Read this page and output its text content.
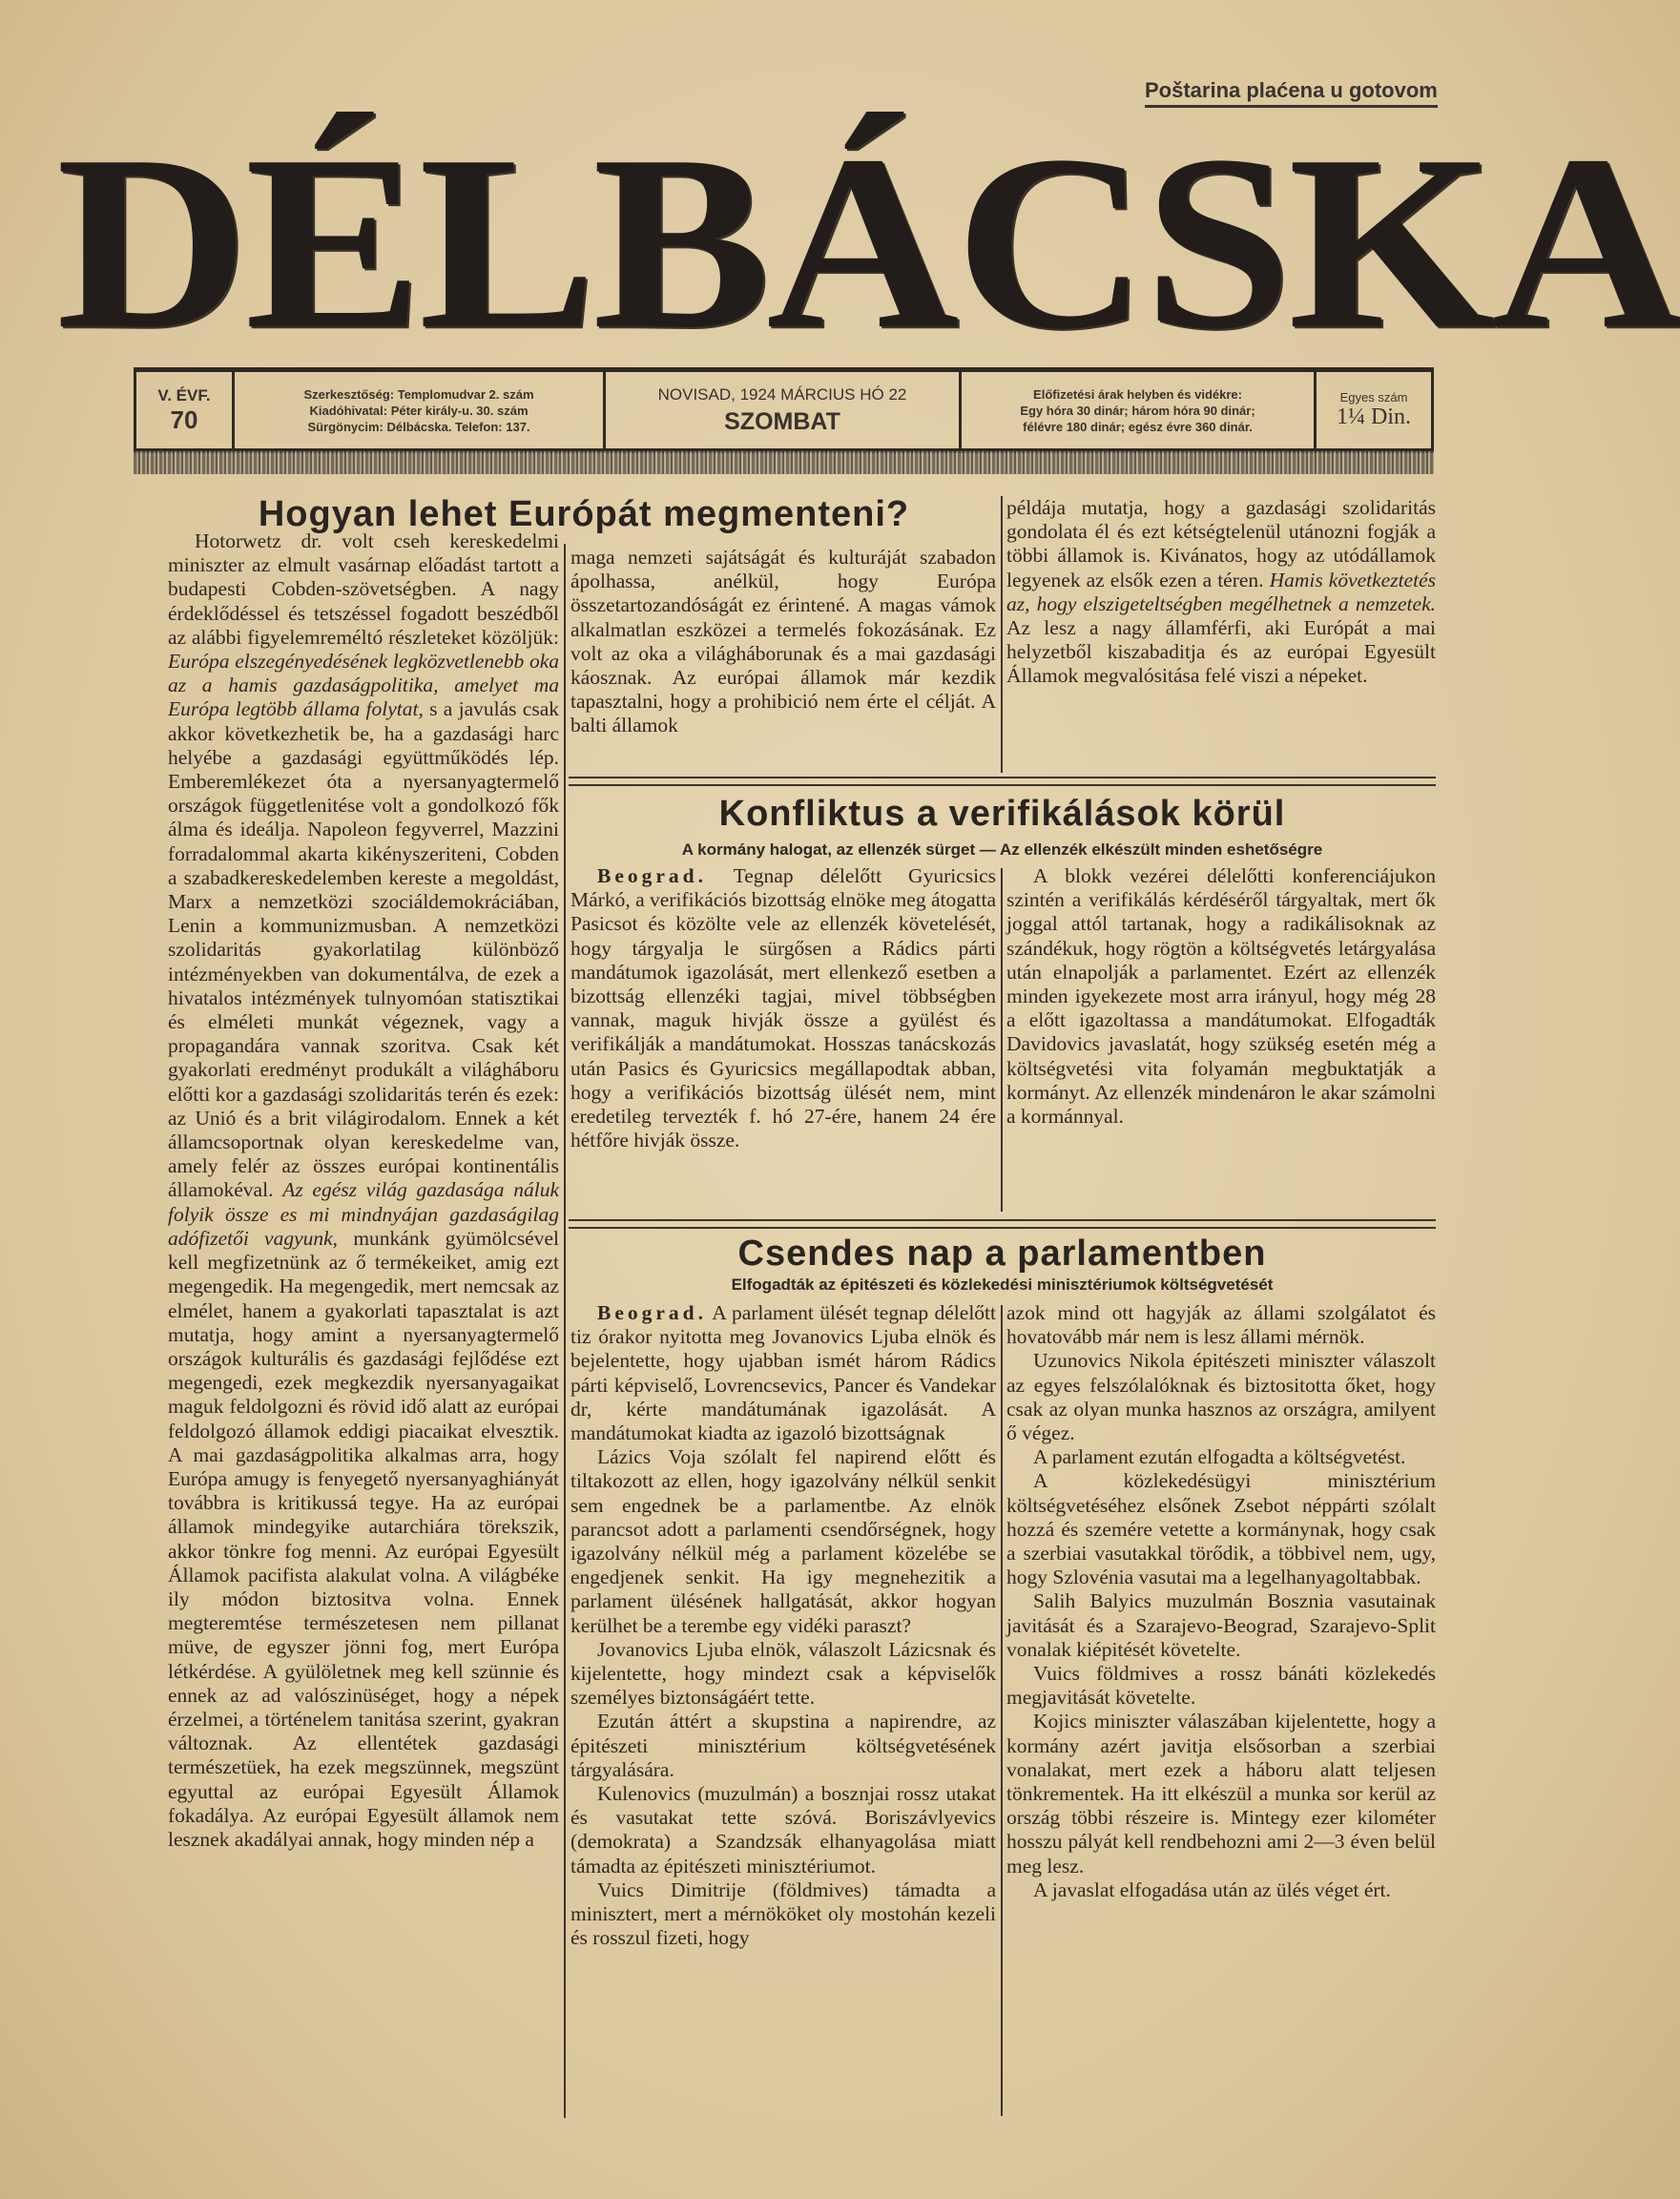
Poštarina plaćena u gotovom
DÉLBÁCSKA
V. ÉVF.
70
Szerkesztőség: Templomudvar 2. szám
Kiadóhivatal: Péter király-u. 30. szám
Sürgönycim: Délbácska. Telefon: 137.
NOVISAD, 1924 MÁRCIUS HÓ 22
SZOMBAT
Előfizetési árak helyben és vidékre:
Egy hóra 30 dinár; három hóra 90 dinár;
félévre 180 dinár; egész évre 360 dinár.
Egyes szám
1¼ Din.
Hogyan lehet Európát megmenteni?

Hotorwetz dr. volt cseh kereskedelmi miniszter az elmult vasárnap előadást tartott a budapesti Cobden-szövetségben. A nagy érdeklődéssel és tetszéssel fogadott beszédből az alábbi figyelemreméltó részleteket közöljük: Európa elszegényedésének legközvetlenebb oka az a hamis gazdaságpolitika, amelyet ma Európa legtöbb állama folytat, s a javulás csak akkor következhetik be, ha a gazdasági harc helyébe a gazdasági együttműködés lép. Emberemlékezet óta a nyersanyagtermelő országok függetlenitése volt a gondolkozó fők álma és ideálja. Napoleon fegyverrel, Mazzini forradalommal akarta kikényszeriteni, Cobden a szabadkereskedelemben kereste a megoldást, Marx a nemzetközi szociáldemokráciában, Lenin a kommunizmusban. A nemzetközi szolidaritás gyakorlatilag különböző intézményekben van dokumentálva, de ezek a hivatalos intézmények tulnyomóan statisztikai és elméleti munkát végeznek, vagy a propagandára vannak szoritva. Csak két gyakorlati eredményt produkált a világháboru előtti kor a gazdasági szolidaritás terén és ezek: az Unió és a brit világirodalom. Ennek a két államcsoportnak olyan kereskedelme van, amely felér az összes európai kontinentális államokéval. Az egész világ gazdasága náluk folyik össze es mi mindnyájan gazdaságilag adófizetői vagyunk, munkánk gyümölcsével kell megfizetnünk az ő termékeiket, amig ezt megengedik. Ha megengedik, mert nemcsak az elmélet, hanem a gyakorlati tapasztalat is azt mutatja, hogy amint a nyersanyagtermelő országok kulturális és gazdasági fejlődése ezt megengedi, ezek megkezdik nyersanyagaikat maguk feldolgozni és rövid idő alatt az európai feldolgozó államok eddigi piacaikat elvesztik. A mai gazdaságpolitika alkalmas arra, hogy Európa amugy is fenyegető nyersanyaghiányát továbbra is kritikussá tegye. Ha az európai államok mindegyike autarchiára törekszik, akkor tönkre fog menni. Az európai Egyesült Államok pacifista alakulat volna. A világbéke ily módon biztositva volna. Ennek megteremtése természetesen nem pillanat müve, de egyszer jönni fog, mert Európa létkérdése. A gyülöletnek meg kell szünnie és ennek az ad valószinüséget, hogy a népek érzelmei, a történelem tanitása szerint, gyakran változnak. Az ellentétek gazdasági természetüek, ha ezek megszünnek, megszünt egyuttal az európai Egyesült Államok fokadálya. Az európai Egyesült államok nem lesznek akadályai annak, hogy minden nép a

maga nemzeti sajátságát és kulturáját szabadon ápolhassa, anélkül, hogy Európa összetartozandóságát ez érintené. A magas vámok alkalmatlan eszközei a termelés fokozásának. Ez volt az oka a világháborunak és a mai gazdasági káosznak. Az európai államok már kezdik tapasztalni, hogy a prohibició nem érte el célját. A balti államok

példája mutatja, hogy a gazdasági szolidaritás gondolata él és ezt kétségtelenül utánozni fogják a többi államok is. Kivánatos, hogy az utódállamok legyenek az elsők ezen a téren. Hamis következtetés az, hogy elszigeteltségben megélhetnek a nemzetek. Az lesz a nagy államférfi, aki Európát a mai helyzetből kiszabaditja és az európai Egyesült Államok megvalósitása felé viszi a népeket.

Konfliktus a verifikálások körül
A kormány halogat, az ellenzék sürget — Az ellenzék elkészült minden eshetőségre

Beograd. Tegnap délelőtt Gyuricsics Márkó, a verifikációs bizottság elnöke meg átogatta Pasicsot és közölte vele az ellenzék követelését, hogy tárgyalja le sürgősen a Rádics párti mandátumok igazolását, mert ellenkező esetben a bizottság ellenzéki tagjai, mivel többségben vannak, maguk hivják össze a gyülést és verifikálják a mandátumokat. Hosszas tanácskozás után Pasics és Gyuricsics megállapodtak abban, hogy a verifikációs bizottság ülését nem, mint eredetileg tervezték f. hó 27-ére, hanem 24 ére hétfőre hivják össze.

A blokk vezérei délelőtti konferenciájukon szintén a verifikálás kérdéséről tárgyaltak, mert ők joggal attól tartanak, hogy a radikálisoknak az szándékuk, hogy rögtön a költségvetés letárgyalása után elnapolják a parlamentet. Ezért az ellenzék minden igyekezete most arra irányul, hogy még 28 a előtt igazoltassa a mandátumokat. Elfogadták Davidovics javaslatát, hogy szükség esetén még a költségvetési vita folyamán megbuktatják a kormányt. Az ellenzék mindenáron le akar számolni a kormánnyal.

Csendes nap a parlamentben
Elfogadták az épitészeti és közlekedési minisztériumok költségvetését

Beograd. A parlament ülését tegnap délelőtt tiz órakor nyitotta meg Jovanovics Ljuba elnök és bejelentette, hogy ujabban ismét három Rádics párti képviselő, Lovrencsevics, Pancer és Vandekar dr, kérte mandátumának igazolását. A mandátumokat kiadta az igazoló bizottságnak

Lázics Voja szólalt fel napirend előtt és tiltakozott az ellen, hogy igazolvány nélkül senkit sem engednek be a parlamentbe. Az elnök parancsot adott a parlamenti csendőrségnek, hogy igazolvány nélkül még a parlament közelébe se engedjenek senkit. Ha igy megnehezitik a parlament ülésének hallgatását, akkor hogyan kerülhet be a terembe egy vidéki paraszt?

Jovanovics Ljuba elnök, válaszolt Lázicsnak és kijelentette, hogy mindezt csak a képviselők személyes biztonságáért tette.

Ezután áttért a skupstina a napirendre, az épitészeti minisztérium költségvetésének tárgyalására.

Kulenovics (muzulmán) a bosznjai rossz utakat és vasutakat tette szóvá. Boriszávlyevics (demokrata) a Szandzsák elhanyagolása miatt támadta az épitészeti minisztériumot.

Vuics Dimitrije (földmives) támadta a minisztert, mert a mérnököket oly mostohán kezeli és rosszul fizeti, hogy

azok mind ott hagyják az állami szolgálatot és hovatovább már nem is lesz állami mérnök.

Uzunovics Nikola épitészeti miniszter válaszolt az egyes felszólalóknak és biztositotta őket, hogy csak az olyan munka hasznos az országra, amilyent ő végez.

A parlament ezután elfogadta a költségvetést.

A közlekedésügyi minisztérium költségvetéséhez elsőnek Zsebot néppárti szólalt hozzá és szemére vetette a kormánynak, hogy csak a szerbiai vasutakkal törődik, a többivel nem, ugy, hogy Szlovénia vasutai ma a legelhanyagoltabbak.

Salih Balyics muzulmán Bosznia vasutainak javitását és a Szarajevo-Beograd, Szarajevo-Split vonalak kiépitését követelte.

Vuics földmives a rossz bánáti közlekedés megjavitását követelte.

Kojics miniszter válaszában kijelentette, hogy a kormány azért javitja elsősorban a szerbiai vonalakat, mert ezek a háboru alatt teljesen tönkrementek. Ha itt elkészül a munka sor kerül az ország többi részeire is. Mintegy ezer kilométer hosszu pályát kell rendbehozni ami 2—3 éven belül meg lesz.

A javaslat elfogadása után az ülés véget ért.
